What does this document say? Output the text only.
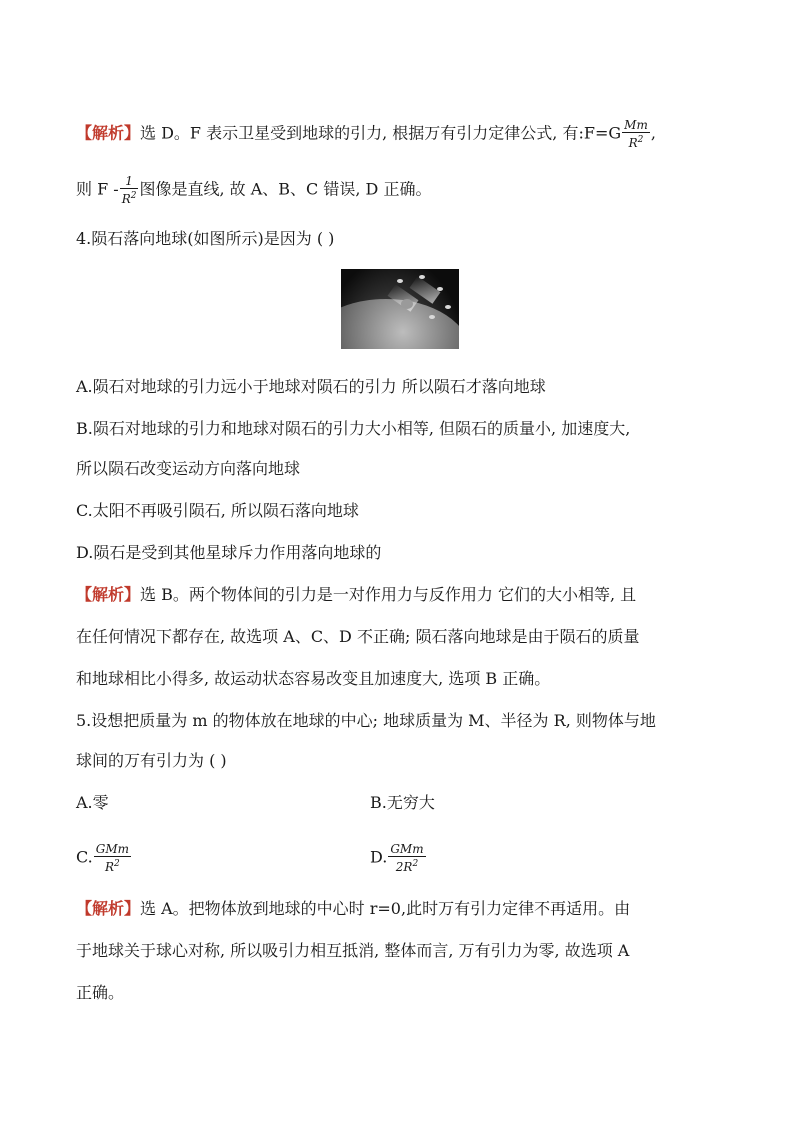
【解析】选 D。F 表示卫星受到地球的引力, 根据万有引力定律公式, 有:F=G $\frac{Mm}{R^2}$ ,
则 F - $\frac{1}{R^2}$ 图像是直线, 故 A、B、C 错误, D 正确。
4.陨石落向地球(如图所示)是因为 ( )
A.陨石对地球的引力远小于地球对陨石的引力 所以陨石才落向地球
B.陨石对地球的引力和地球对陨石的引力大小相等, 但陨石的质量小, 加速度大,
所以陨石改变运动方向落向地球
C.太阳不再吸引陨石, 所以陨石落向地球
D.陨石是受到其他星球斥力作用落向地球的
【解析】选 B。两个物体间的引力是一对作用力与反作用力 它们的大小相等, 且
在任何情况下都存在, 故选项 A、C、D 不正确; 陨石落向地球是由于陨石的质量
和地球相比小得多, 故运动状态容易改变且加速度大, 选项 B 正确。
5.设想把质量为 m 的物体放在地球的中心; 地球质量为 M、半径为 R, 则物体与地
球间的万有引力为 ( )
A.零	B.无穷大
C. $\frac{\text{GMm}}{R^2}$	D. $\frac{\text{GMm}}{2R^2}$
【解析】选 A。把物体放到地球的中心时 r=0,此时万有引力定律不再适用。由
于地球关于球心对称, 所以吸引力相互抵消, 整体而言, 万有引力为零, 故选项 A
正确。
